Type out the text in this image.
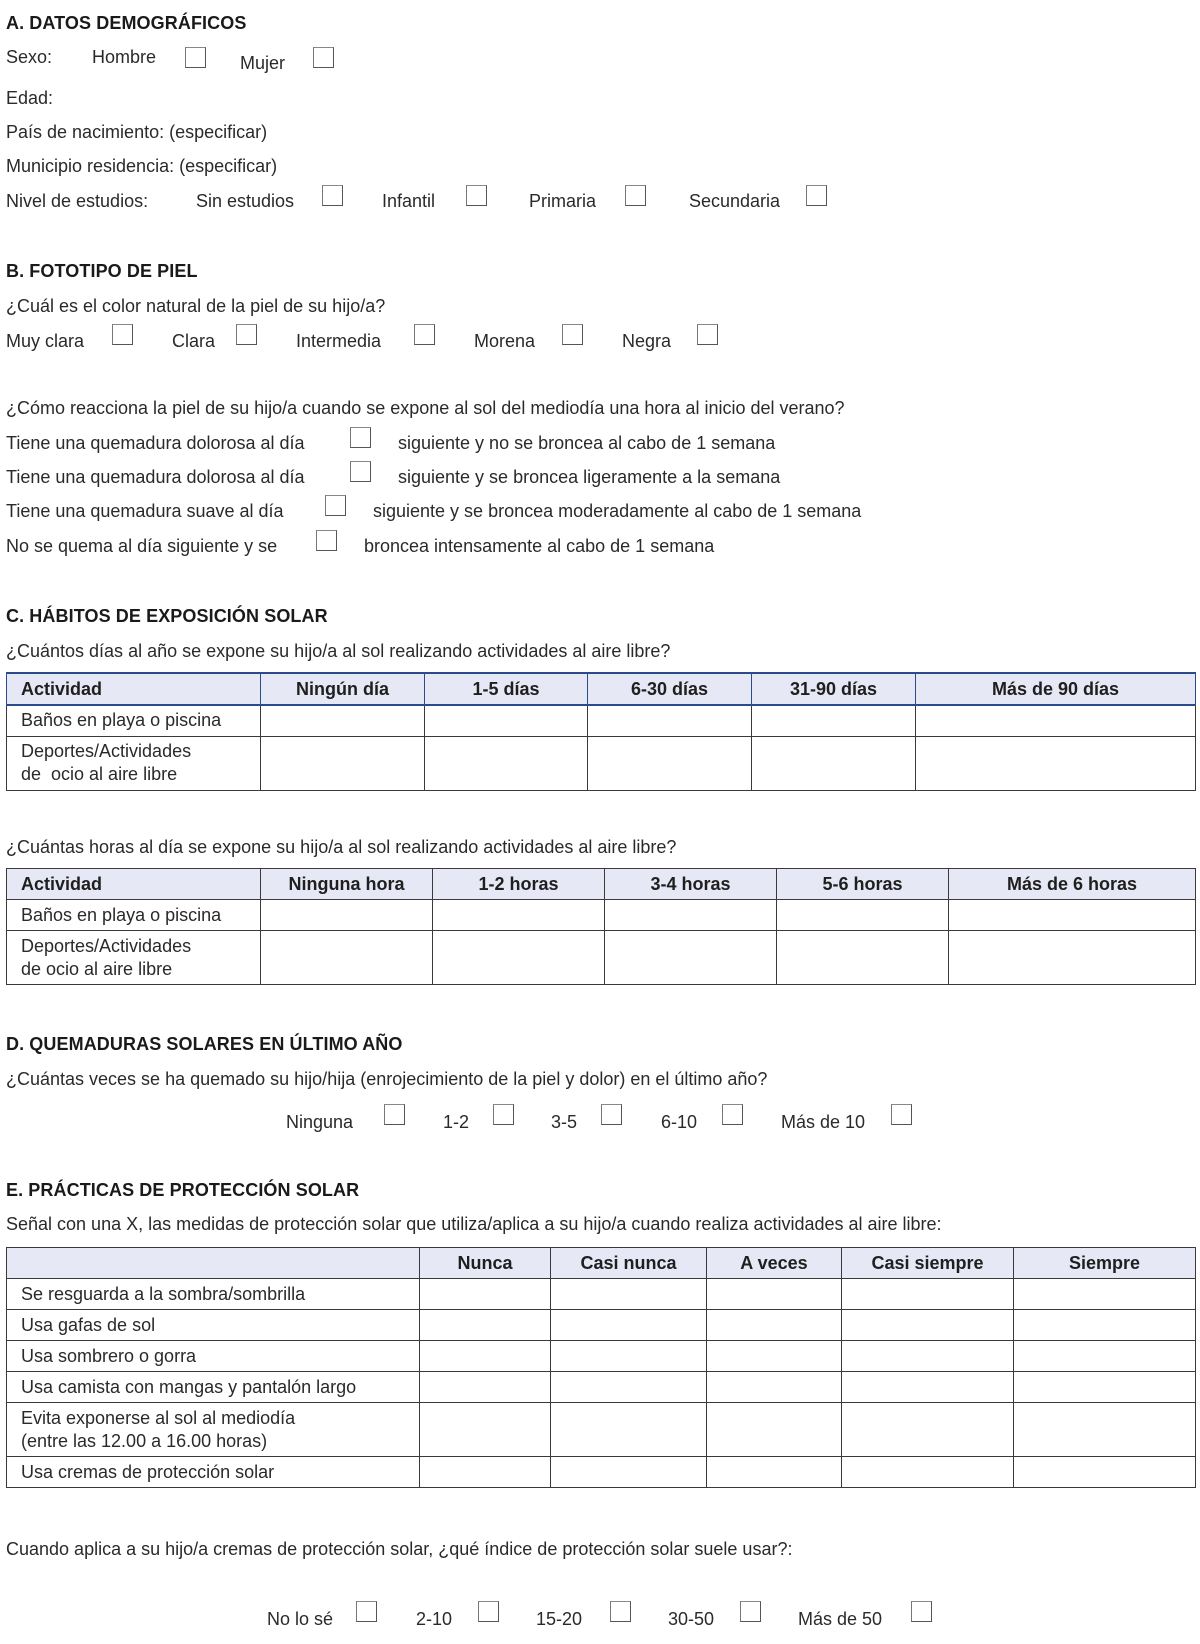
A. DATOS DEMOGRÁFICOS
Sexo: Hombre	Mujer
Edad:
País de nacimiento: (especificar)
Municipio residencia: (especificar)
Nivel de estudios:	Sin estudios	Infantil	Primaria	Secundaria
B. FOTOTIPO DE PIEL
¿Cuál es el color natural de la piel de su hijo/a?
Muy clara	Clara	Intermedia	Morena	Negra
¿Cómo reacciona la piel de su hijo/a cuando se expone al sol del mediodía una hora al inicio del verano?
Tiene una quemadura dolorosa al día	siguiente y no se broncea al cabo de 1 semana
Tiene una quemadura dolorosa al día	siguiente y se broncea ligeramente a la semana
Tiene una quemadura suave al día	siguiente y se broncea moderadamente al cabo de 1 semana
No se quema al día siguiente y se	broncea intensamente al cabo de 1 semana
C. HÁBITOS DE EXPOSICIÓN SOLAR
¿Cuántos días al año se expone su hijo/a al sol realizando actividades al aire libre?
Actividad	Ningún día	1-5 días	6-30 días	31-90 días	Más de 90 días
Baños en playa o piscina					

Deportes/Actividades
de  ocio al aire libre					

¿Cuántas horas al día se expone su hijo/a al sol realizando actividades al aire libre?
Actividad	Ninguna hora	1-2 horas	3-4 horas	5-6 horas	Más de 6 horas
Baños en playa o piscina					

Deportes/Actividades
de ocio al aire libre					

D. QUEMADURAS SOLARES EN ÚLTIMO AÑO
¿Cuántas veces se ha quemado su hijo/hija (enrojecimiento de la piel y dolor) en el último año?
Ninguna	1-2	3-5	6-10	Más de 10
E. PRÁCTICAS DE PROTECCIÓN SOLAR
Señal con una X, las medidas de protección solar que utiliza/aplica a su hijo/a cuando realiza actividades al aire libre:
	Nunca	Casi nunca	A veces	Casi siempre	Siempre
Se resguarda a la sombra/sombrilla					
Usa gafas de sol					
Usa sombrero o gorra					
Usa camista con mangas y pantalón largo					

Evita exponerse al sol al mediodía
(entre las 12.00 a 16.00 horas)					

Usa cremas de protección solar					
Cuando aplica a su hijo/a cremas de protección solar, ¿qué índice de protección solar suele usar?:
No lo sé	2-10	15-20	30-50	Más de 50
